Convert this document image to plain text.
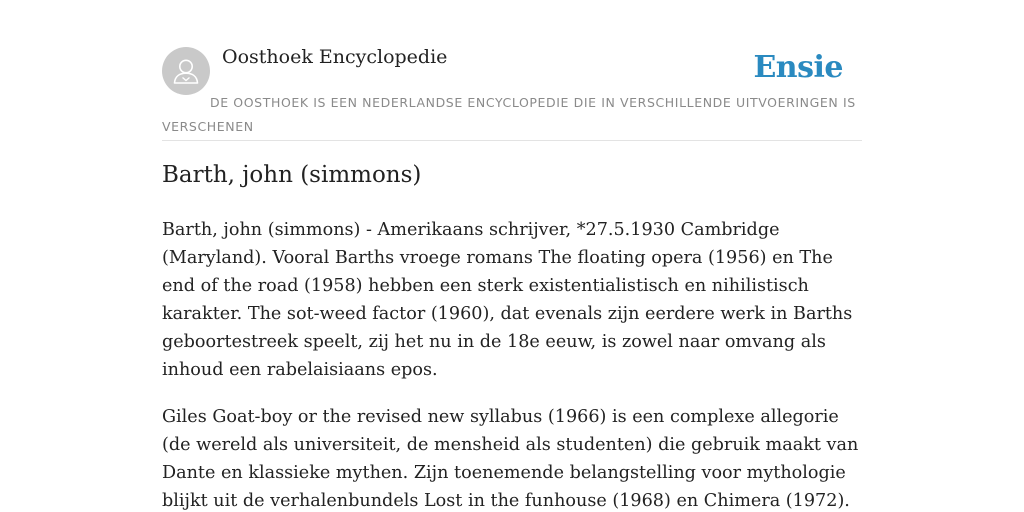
Oosthoek Encyclopedie	Ensie
DE OOSTHOEK IS EEN NEDERLANDSE ENCYCLOPEDIE DIE IN VERSCHILLENDE UITVOERINGEN IS VERSCHENEN
Barth, john (simmons)

Barth, john (simmons) - Amerikaans schrijver, *27.5.1930 Cambridge (Maryland). Vooral Barths vroege romans The floating opera (1956) en The end of the road (1958) hebben een sterk existentialistisch en nihilistisch karakter. The sot-weed factor (1960), dat evenals zijn eerdere werk in Barths geboortestreek speelt, zij het nu in de 18e eeuw, is zowel naar omvang als inhoud een rabelaisiaans epos.

Giles Goat-boy or the revised new syllabus (1966) is een complexe allegorie (de wereld als universiteit, de mensheid als studenten) die gebruik maakt van Dante en klassieke mythen. Zijn toenemende belangstelling voor mythologie blijkt uit de verhalenbundels Lost in the funhouse (1968) en Chimera (1972).
